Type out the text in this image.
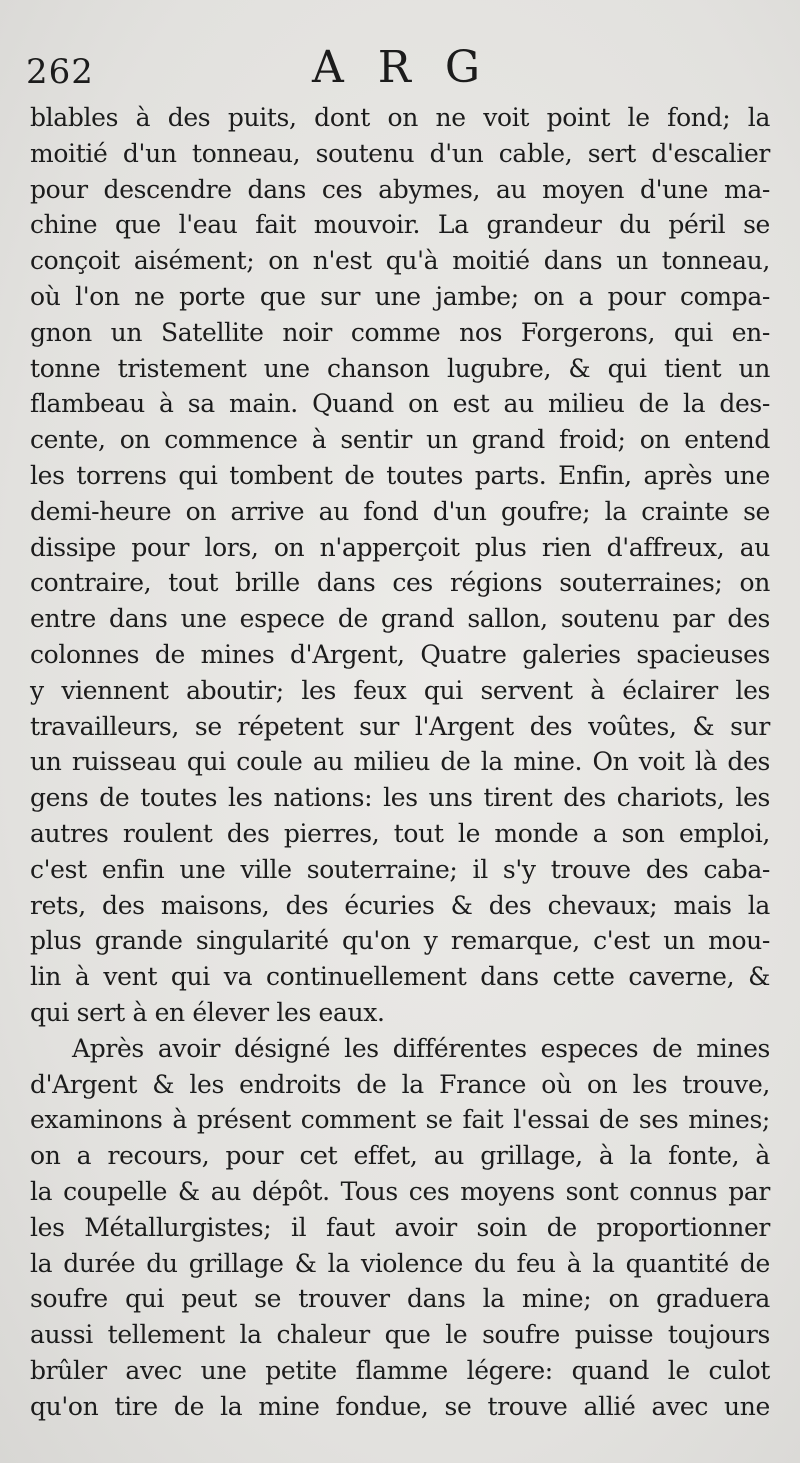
262	A R G
blables à des puits, dont on ne voit point le fond; la
moitié d'un tonneau, soutenu d'un cable, sert d'escalier
pour descendre dans ces abymes, au moyen d'une ma-
chine que l'eau fait mouvoir. La grandeur du péril se
conçoit aisément; on n'est qu'à moitié dans un tonneau,
où l'on ne porte que sur une jambe; on a pour compa-
gnon un Satellite noir comme nos Forgerons, qui en-
tonne tristement une chanson lugubre, & qui tient un
flambeau à sa main. Quand on est au milieu de la des-
cente, on commence à sentir un grand froid; on entend
les torrens qui tombent de toutes parts. Enfin, après une
demi-heure on arrive au fond d'un goufre; la crainte se
dissipe pour lors, on n'apperçoit plus rien d'affreux, au
contraire, tout brille dans ces régions souterraines; on
entre dans une espece de grand sallon, soutenu par des
colonnes de mines d'Argent, Quatre galeries spacieuses
y viennent aboutir; les feux qui servent à éclairer les
travailleurs, se répetent sur l'Argent des voûtes, & sur
un ruisseau qui coule au milieu de la mine. On voit là des
gens de toutes les nations: les uns tirent des chariots, les
autres roulent des pierres, tout le monde a son emploi,
c'est enfin une ville souterraine; il s'y trouve des caba-
rets, des maisons, des écuries & des chevaux; mais la
plus grande singularité qu'on y remarque, c'est un mou-
lin à vent qui va continuellement dans cette caverne, &
qui sert à en élever les eaux.
Après avoir désigné les différentes especes de mines
d'Argent & les endroits de la France où on les trouve,
examinons à présent comment se fait l'essai de ses mines;
on a recours, pour cet effet, au grillage, à la fonte, à
la coupelle & au dépôt. Tous ces moyens sont connus par
les Métallurgistes; il faut avoir soin de proportionner
la durée du grillage & la violence du feu à la quantité de
soufre qui peut se trouver dans la mine; on graduera
aussi tellement la chaleur que le soufre puisse toujours
brûler avec une petite flamme légere: quand le culot
qu'on tire de la mine fondue, se trouve allié avec une
